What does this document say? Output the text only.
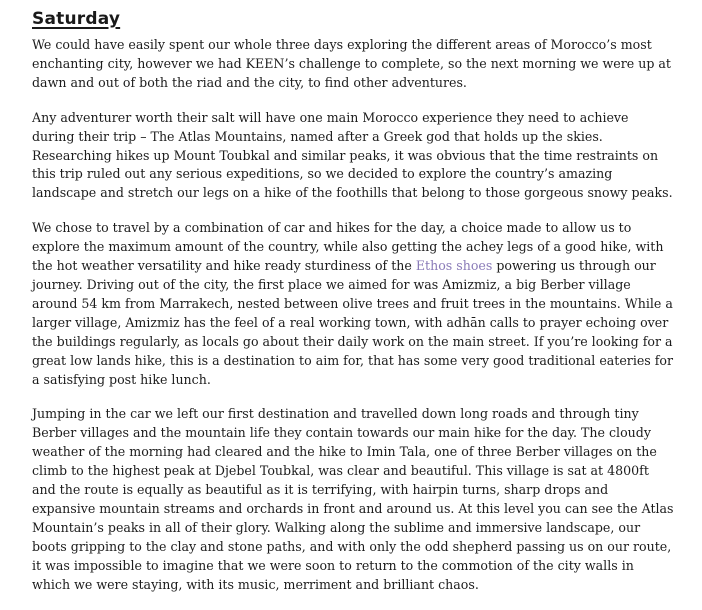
Saturday

We could have easily spent our whole three days exploring the different areas of Morocco’s most enchanting city, however we had KEEN’s challenge to complete, so the next morning we were up at dawn and out of both the riad and the city, to find other adventures.

Any adventurer worth their salt will have one main Morocco experience they need to achieve during their trip – The Atlas Mountains, named after a Greek god that holds up the skies. Researching hikes up Mount Toubkal and similar peaks, it was obvious that the time restraints on this trip ruled out any serious expeditions, so we decided to explore the country’s amazing landscape and stretch our legs on a hike of the foothills that belong to those gorgeous snowy peaks.

We chose to travel by a combination of car and hikes for the day, a choice made to allow us to explore the maximum amount of the country, while also getting the achey legs of a good hike, with the hot weather versatility and hike ready sturdiness of the Ethos shoes powering us through our journey. Driving out of the city, the first place we aimed for was Amizmiz, a big Berber village around 54 km from Marrakech, nested between olive trees and fruit trees in the mountains. While a larger village, Amizmiz has the feel of a real working town, with adhān calls to prayer echoing over the buildings regularly, as locals go about their daily work on the main street. If you’re looking for a great low lands hike, this is a destination to aim for, that has some very good traditional eateries for a satisfying post hike lunch.

Jumping in the car we left our first destination and travelled down long roads and through tiny Berber villages and the mountain life they contain towards our main hike for the day. The cloudy weather of the morning had cleared and the hike to Imin Tala, one of three Berber villages on the climb to the highest peak at Djebel Toubkal, was clear and beautiful. This village is sat at 4800ft and the route is equally as beautiful as it is terrifying, with hairpin turns, sharp drops and expansive mountain streams and orchards in front and around us. At this level you can see the Atlas Mountain’s peaks in all of their glory. Walking along the sublime and immersive landscape, our boots gripping to the clay and stone paths, and with only the odd shepherd passing us on our route, it was impossible to imagine that we were soon to return to the commotion of the city walls in which we were staying, with its music, merriment and brilliant chaos.
